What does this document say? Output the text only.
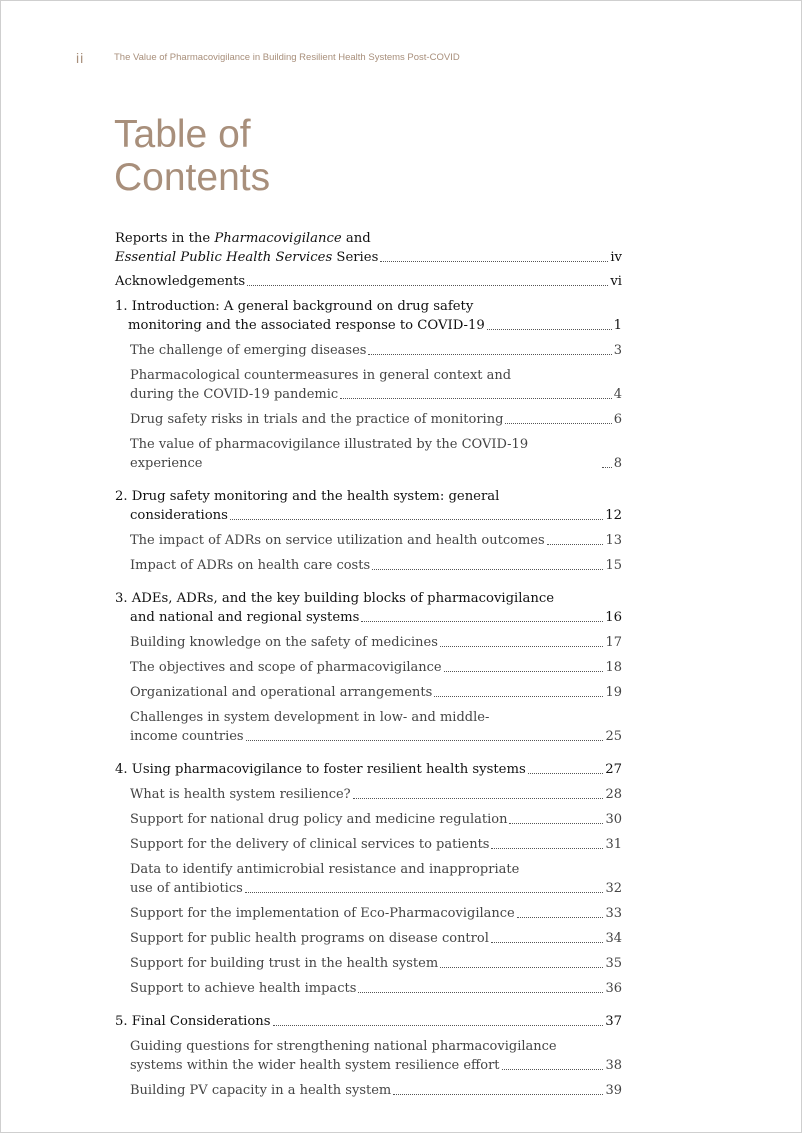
ii	The Value of Pharmacovigilance in Building Resilient Health Systems Post-COVID
Table of
Contents
Reports in the Pharmacovigilance and
Essential Public Health Services Series	iv
Acknowledgements	vi
1. Introduction: A general background on drug safety
monitoring and the associated response to COVID-19	1
The challenge of emerging diseases	3
Pharmacological countermeasures in general context and
during the COVID-19 pandemic	4
Drug safety risks in trials and the practice of monitoring	6
The value of pharmacovigilance illustrated by the COVID-19 experience	8
2. Drug safety monitoring and the health system: general
considerations	12
The impact of ADRs on service utilization and health outcomes	13
Impact of ADRs on health care costs	15
3. ADEs, ADRs, and the key building blocks of pharmacovigilance
and national and regional systems	16
Building knowledge on the safety of medicines	17
The objectives and scope of pharmacovigilance	18
Organizational and operational arrangements	19
Challenges in system development in low- and middle-
income countries	25
4. Using pharmacovigilance to foster resilient health systems	27
What is health system resilience?	28
Support for national drug policy and medicine regulation	30
Support for the delivery of clinical services to patients	31
Data to identify antimicrobial resistance and inappropriate
use of antibiotics	32
Support for the implementation of Eco-Pharmacovigilance	33
Support for public health programs on disease control	34
Support for building trust in the health system	35
Support to achieve health impacts	36
5. Final Considerations	37
Guiding questions for strengthening national pharmacovigilance
systems within the wider health system resilience effort	38
Building PV capacity in a health system	39
